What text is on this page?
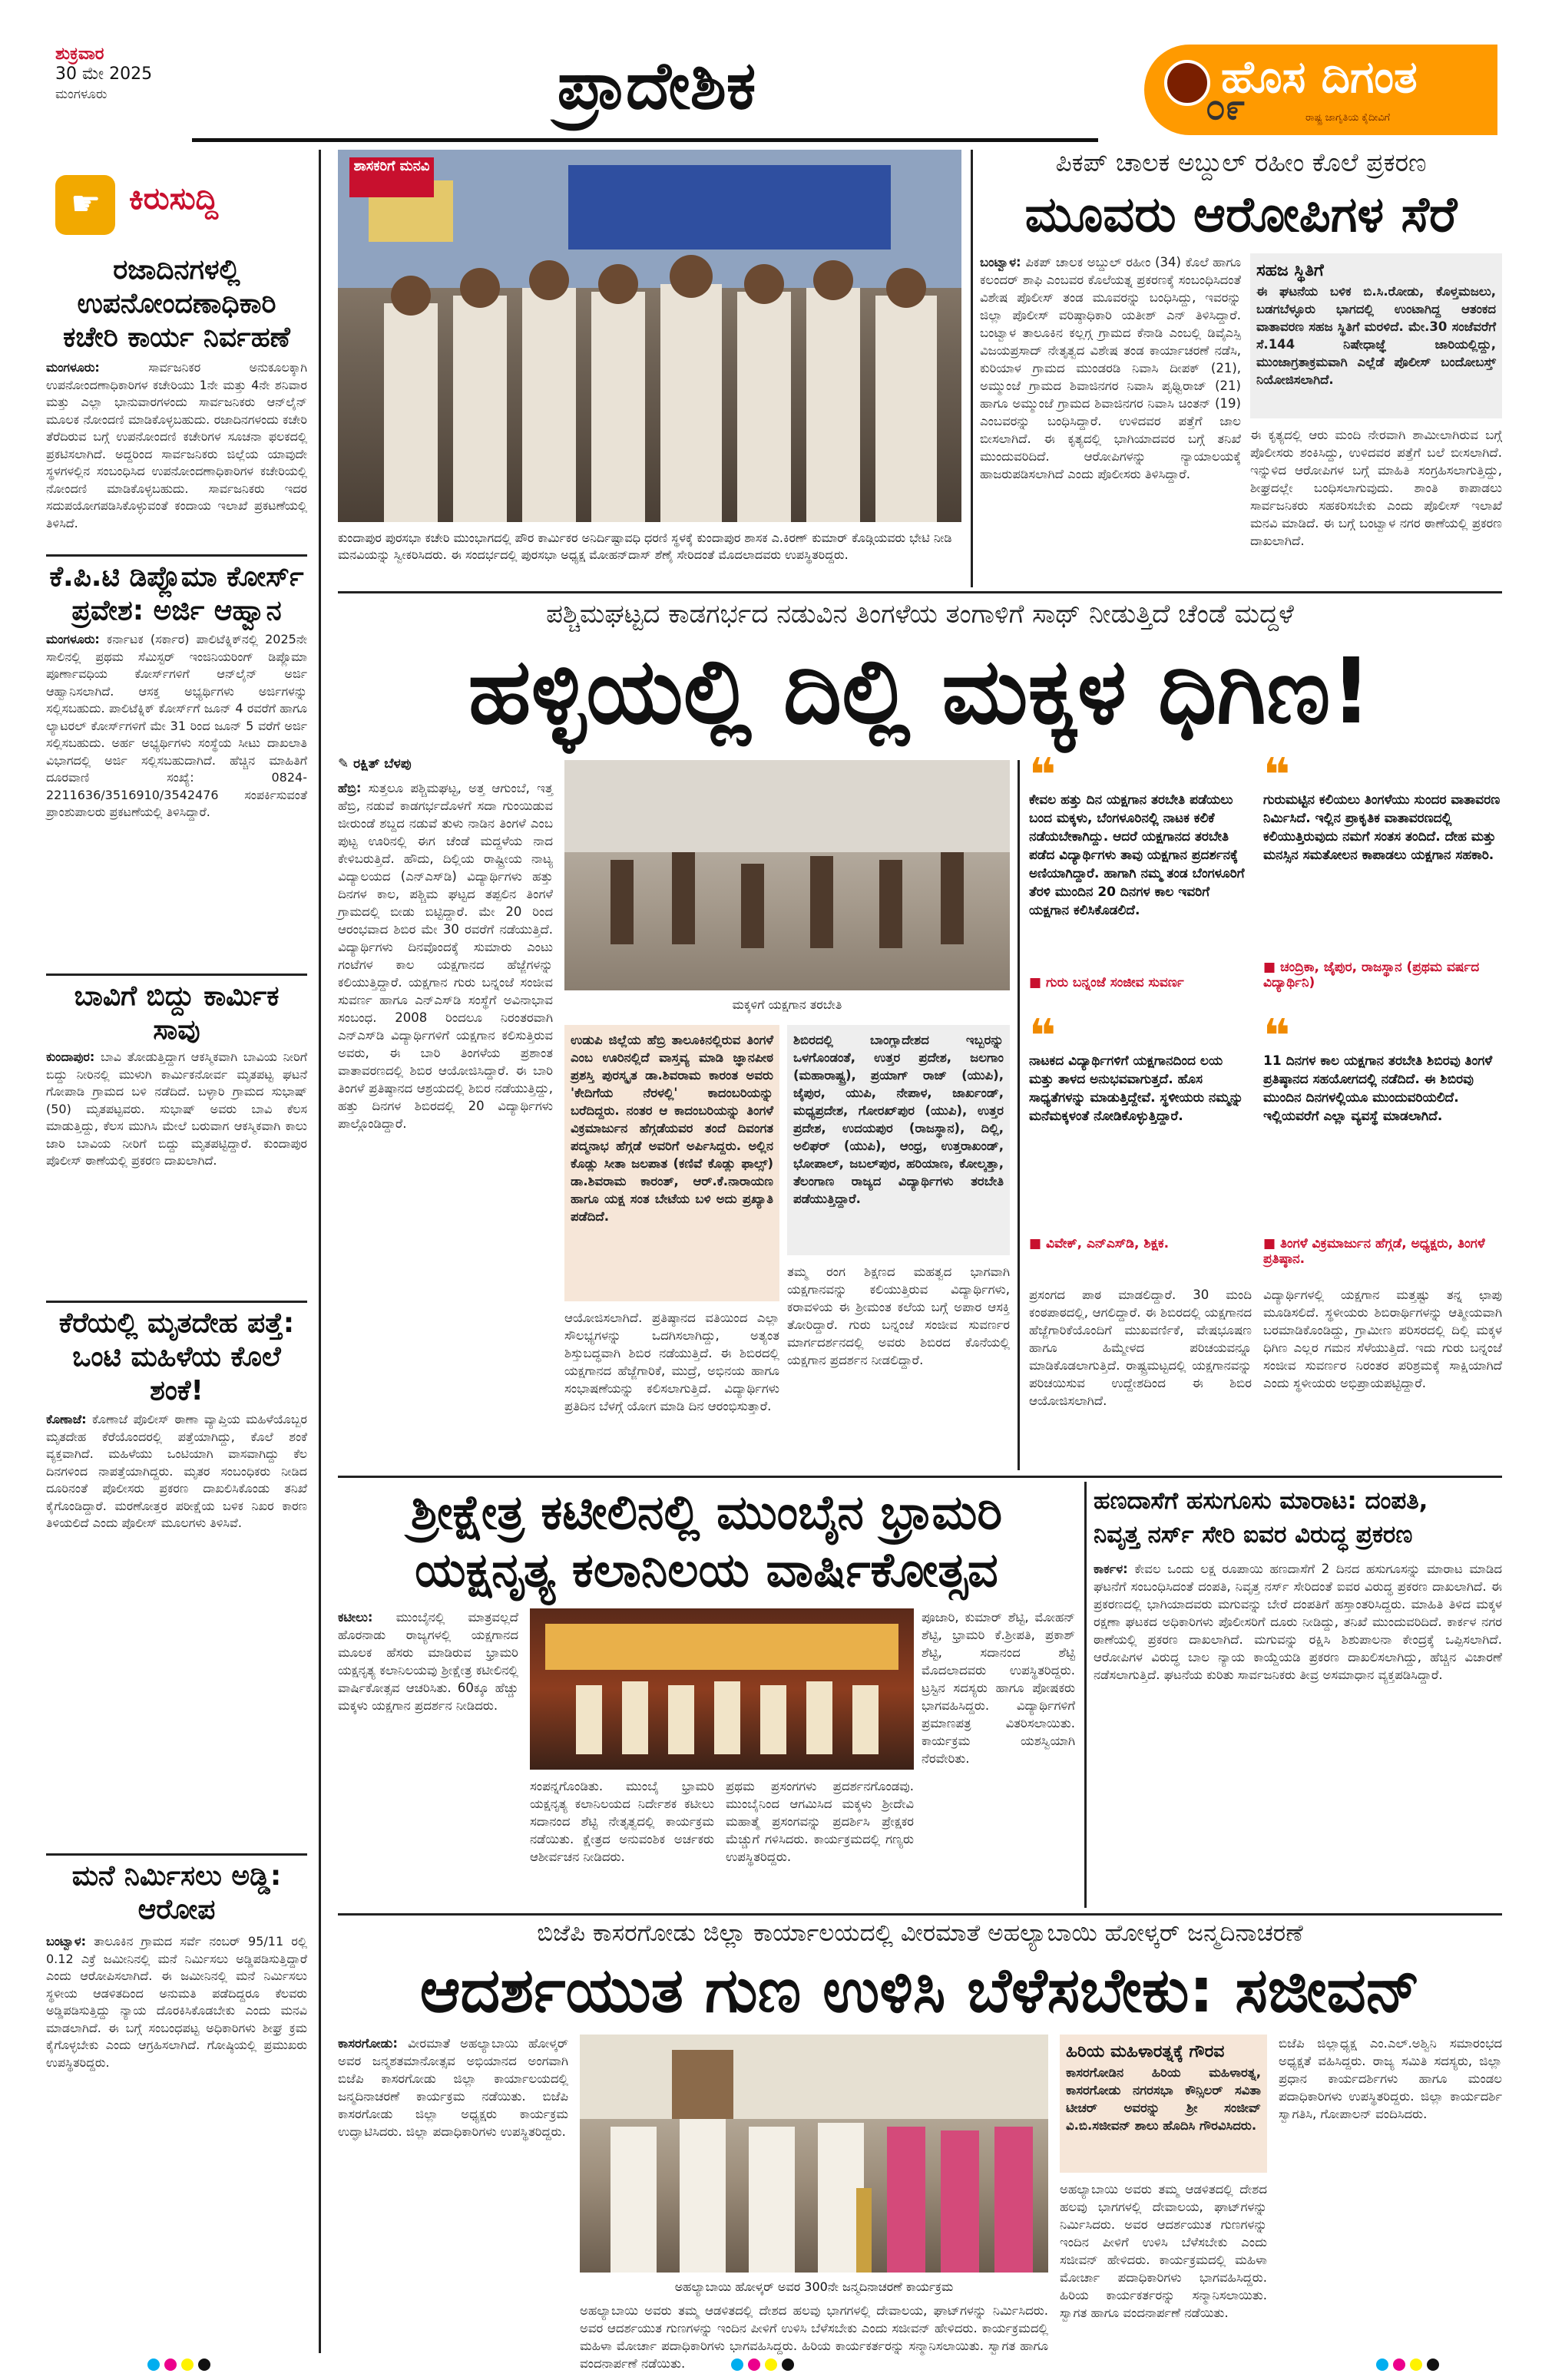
ಶುಕ್ರವಾರ
30 ಮೇ 2025
ಮಂಗಳೂರು	ಪ್ರಾದೇಶಿಕ	ಹೊಸ ದಿಗಂತ
ರಾಷ್ಟ್ರ ಜಾಗೃತಿಯ ಕೈದೀವಿಗೆ
೦೯
☛ ಕಿರುಸುದ್ದಿ
ರಜಾದಿನಗಳಲ್ಲಿ ಉಪನೋಂದಣಾಧಿಕಾರಿ ಕಚೇರಿ ಕಾರ್ಯ ನಿರ್ವಹಣೆ
ಮಂಗಳೂರು:	ಸಾರ್ವಜನಿಕರ ಅನುಕೂಲಕ್ಕಾಗಿ ಉಪನೋಂದಣಾಧಿಕಾರಿಗಳ ಕಚೇರಿಯು 1ನೇ ಮತ್ತು 4ನೇ ಶನಿವಾರ ಮತ್ತು ಎಲ್ಲಾ ಭಾನುವಾರಗಳಂದು ಸಾರ್ವಜನಿಕರು ಆನ್‌ಲೈನ್ ಮೂಲಕ ನೋಂದಣಿ ಮಾಡಿಕೊಳ್ಳಬಹುದು. ರಜಾದಿನಗಳಂದು ಕಚೇರಿ ತೆರೆದಿರುವ ಬಗ್ಗೆ ಉಪನೋಂದಣಿ ಕಚೇರಿಗಳ ಸೂಚನಾ ಫಲಕದಲ್ಲಿ ಪ್ರಕಟಿಸಲಾಗಿದೆ. ಅದ್ದರಿಂದ ಸಾರ್ವಜನಿಕರು ಜಿಲ್ಲೆಯ ಯಾವುದೇ ಸ್ಥಳಗಳಲ್ಲಿನ ಸಂಬಂಧಿಸಿದ ಉಪನೋಂದಣಾಧಿಕಾರಿಗಳ ಕಚೇರಿಯಲ್ಲಿ ನೋಂದಣಿ ಮಾಡಿಕೊಳ್ಳಬಹುದು. ಸಾರ್ವಜನಿಕರು ಇದರ ಸದುಪಯೋಗಪಡಿಸಿಕೊಳ್ಳುವಂತೆ ಕಂದಾಯ ಇಲಾಖೆ ಪ್ರಕಟಣೆಯಲ್ಲಿ ತಿಳಿಸಿದೆ.
ಕೆ.ಪಿ.ಟಿ ಡಿಪ್ಲೊಮಾ ಕೋರ್ಸ್ ಪ್ರವೇಶ: ಅರ್ಜಿ ಆಹ್ವಾನ
ಮಂಗಳೂರು: ಕರ್ನಾಟಕ (ಸರ್ಕಾರ) ಪಾಲಿಟೆಕ್ನಿಕ್‌ನಲ್ಲಿ 2025ನೇ ಸಾಲಿನಲ್ಲಿ ಪ್ರಥಮ ಸೆಮಿಸ್ಟರ್ ಇಂಜಿನಿಯರಿಂಗ್ ಡಿಪ್ಲೊಮಾ ಪೂರ್ಣಾವಧಿಯ ಕೋರ್ಸ್‌ಗಳಿಗೆ ಆನ್‌ಲೈನ್ ಅರ್ಜಿ ಆಹ್ವಾನಿಸಲಾಗಿದೆ. ಆಸಕ್ತ ಅಭ್ಯರ್ಥಿಗಳು ಅರ್ಜಿಗಳನ್ನು ಸಲ್ಲಿಸಬಹುದು. ಪಾಲಿಟೆಕ್ನಿಕ್ ಕೋರ್ಸ್‌ಗೆ ಜೂನ್ 4 ರವರೆಗೆ ಹಾಗೂ ಲ್ಯಾಟರಲ್ ಕೋರ್ಸ್‌ಗಳಿಗೆ ಮೇ 31 ರಿಂದ ಜೂನ್ 5 ವರೆಗೆ ಅರ್ಜಿ ಸಲ್ಲಿಸಬಹುದು. ಅರ್ಹ ಅಭ್ಯರ್ಥಿಗಳು ಸಂಸ್ಥೆಯ ಸೀಟು ದಾಖಲಾತಿ ವಿಭಾಗದಲ್ಲಿ ಅರ್ಜಿ ಸಲ್ಲಿಸಬಹುದಾಗಿದೆ. ಹೆಚ್ಚಿನ ಮಾಹಿತಿಗೆ ದೂರವಾಣಿ ಸಂಖ್ಯೆ: 0824-2211636/3516910/3542476 ಸಂಪರ್ಕಿಸುವಂತೆ ಪ್ರಾಂಶುಪಾಲರು ಪ್ರಕಟಣೆಯಲ್ಲಿ ತಿಳಿಸಿದ್ದಾರೆ.
ಬಾವಿಗೆ ಬಿದ್ದು ಕಾರ್ಮಿಕ ಸಾವು
ಕುಂದಾಪುರ: ಬಾವಿ ತೋಡುತ್ತಿದ್ದಾಗ ಆಕಸ್ಮಿಕವಾಗಿ ಬಾವಿಯ ನೀರಿಗೆ ಬಿದ್ದು ನೀರಿನಲ್ಲಿ ಮುಳುಗಿ ಕಾರ್ಮಿಕನೋರ್ವ ಮೃತಪಟ್ಟ ಘಟನೆ ಗೋಪಾಡಿ ಗ್ರಾಮದ ಬಳಿ ನಡೆದಿದೆ. ಬಳ್ಳಾರಿ ಗ್ರಾಮದ ಸುಭಾಷ್ (50) ಮೃತಪಟ್ಟವರು. ಸುಭಾಷ್ ಅವರು ಬಾವಿ ಕೆಲಸ ಮಾಡುತ್ತಿದ್ದು, ಕೆಲಸ ಮುಗಿಸಿ ಮೇಲೆ ಬರುವಾಗ ಆಕಸ್ಮಿಕವಾಗಿ ಕಾಲು ಜಾರಿ ಬಾವಿಯ ನೀರಿಗೆ ಬಿದ್ದು ಮೃತಪಟ್ಟಿದ್ದಾರೆ. ಕುಂದಾಪುರ ಪೊಲೀಸ್ ಠಾಣೆಯಲ್ಲಿ ಪ್ರಕರಣ ದಾಖಲಾಗಿದೆ.
ಕೆರೆಯಲ್ಲಿ ಮೃತದೇಹ ಪತ್ತೆ: ಒಂಟಿ ಮಹಿಳೆಯ ಕೊಲೆ ಶಂಕೆ!
ಕೊಣಾಜೆ: ಕೊಣಾಜೆ ಪೊಲೀಸ್ ಠಾಣಾ ವ್ಯಾಪ್ತಿಯ ಮಹಿಳೆಯೊಬ್ಬರ ಮೃತದೇಹ ಕೆರೆಯೊಂದರಲ್ಲಿ ಪತ್ತೆಯಾಗಿದ್ದು, ಕೊಲೆ ಶಂಕೆ ವ್ಯಕ್ತವಾಗಿದೆ. ಮಹಿಳೆಯು ಒಂಟಿಯಾಗಿ ವಾಸವಾಗಿದ್ದು ಕೆಲ ದಿನಗಳಿಂದ ನಾಪತ್ತೆಯಾಗಿದ್ದರು. ಮೃತರ ಸಂಬಂಧಿಕರು ನೀಡಿದ ದೂರಿನಂತೆ ಪೊಲೀಸರು ಪ್ರಕರಣ ದಾಖಲಿಸಿಕೊಂಡು ತನಿಖೆ ಕೈಗೊಂಡಿದ್ದಾರೆ. ಮರಣೋತ್ತರ ಪರೀಕ್ಷೆಯ ಬಳಿಕ ನಿಖರ ಕಾರಣ ತಿಳಿಯಲಿದೆ ಎಂದು ಪೊಲೀಸ್ ಮೂಲಗಳು ತಿಳಿಸಿವೆ.
ಮನೆ ನಿರ್ಮಿಸಲು ಅಡ್ಡಿ: ಆರೋಪ
ಬಂಟ್ವಾಳ: ತಾಲೂಕಿನ ಗ್ರಾಮದ ಸರ್ವೆ ನಂಬರ್ 95/11 ರಲ್ಲಿ 0.12 ಎಕ್ರೆ ಜಮೀನಿನಲ್ಲಿ ಮನೆ ನಿರ್ಮಿಸಲು ಅಡ್ಡಿಪಡಿಸುತ್ತಿದ್ದಾರೆ ಎಂದು ಆರೋಪಿಸಲಾಗಿದೆ. ಈ ಜಮೀನಿನಲ್ಲಿ ಮನೆ ನಿರ್ಮಿಸಲು ಸ್ಥಳೀಯ ಆಡಳಿತದಿಂದ ಅನುಮತಿ ಪಡೆದಿದ್ದರೂ ಕೆಲವರು ಅಡ್ಡಿಪಡಿಸುತ್ತಿದ್ದು ನ್ಯಾಯ ದೊರಕಿಸಿಕೊಡಬೇಕು ಎಂದು ಮನವಿ ಮಾಡಲಾಗಿದೆ. ಈ ಬಗ್ಗೆ ಸಂಬಂಧಪಟ್ಟ ಅಧಿಕಾರಿಗಳು ಶೀಘ್ರ ಕ್ರಮ ಕೈಗೊಳ್ಳಬೇಕು ಎಂದು ಆಗ್ರಹಿಸಲಾಗಿದೆ. ಗೋಷ್ಠಿಯಲ್ಲಿ ಪ್ರಮುಖರು ಉಪಸ್ಥಿತರಿದ್ದರು.
ಶಾಸಕರಿಗೆ ಮನವಿ
ಕುಂದಾಪುರ ಪುರಸಭಾ ಕಚೇರಿ ಮುಂಭಾಗದಲ್ಲಿ ಪೌರ ಕಾರ್ಮಿಕರ ಅನಿರ್ದಿಷ್ಟಾವಧಿ ಧರಣಿ ಸ್ಥಳಕ್ಕೆ ಕುಂದಾಪುರ ಶಾಸಕ ಎ.ಕಿರಣ್ ಕುಮಾರ್ ಕೊಡ್ಗಿಯವರು ಭೇಟಿ ನೀಡಿ ಮನವಿಯನ್ನು ಸ್ವೀಕರಿಸಿದರು. ಈ ಸಂದರ್ಭದಲ್ಲಿ ಪುರಸಭಾ ಅಧ್ಯಕ್ಷ ಮೋಹನ್‌ದಾಸ್ ಶೆಣೈ ಸೇರಿದಂತೆ ಮೊದಲಾದವರು ಉಪಸ್ಥಿತರಿದ್ದರು.
ಪಿಕಪ್ ಚಾಲಕ ಅಬ್ದುಲ್ ರಹೀಂ ಕೊಲೆ ಪ್ರಕರಣ
ಮೂವರು ಆರೋಪಿಗಳ ಸೆರೆ
ಬಂಟ್ವಾಳ: ಪಿಕಪ್ ಚಾಲಕ ಅಬ್ದುಲ್ ರಹೀಂ (34) ಕೊಲೆ ಹಾಗೂ ಕಲಂದರ್ ಶಾಫಿ ಎಂಬವರ ಕೊಲೆಯತ್ನ ಪ್ರಕರಣಕ್ಕೆ ಸಂಬಂಧಿಸಿದಂತೆ ವಿಶೇಷ ಪೊಲೀಸ್ ತಂಡ ಮೂವರನ್ನು ಬಂಧಿಸಿದ್ದು, ಇವರನ್ನು ಜಿಲ್ಲಾ ಪೊಲೀಸ್ ವರಿಷ್ಠಾಧಿಕಾರಿ ಯತೀಶ್ ಎನ್ ತಿಳಿಸಿದ್ದಾರೆ. ಬಂಟ್ವಾಳ ತಾಲೂಕಿನ ಕಲ್ಲಗ್ಗ ಗ್ರಾಮದ ಕೆನಾಡಿ ಎಂಬಲ್ಲಿ ಡಿವೈಎಸ್ಪಿ ವಿಜಯಪ್ರಸಾದ್ ನೇತೃತ್ವದ ವಿಶೇಷ ತಂಡ ಕಾರ್ಯಾಚರಣೆ ನಡೆಸಿ, ಕುರಿಯಾಳ ಗ್ರಾಮದ ಮುಂಡರಡಿ ನಿವಾಸಿ ದೀಪಕ್ (21), ಅಮ್ಮುಂಜೆ ಗ್ರಾಮದ ಶಿವಾಜಿನಗರ ನಿವಾಸಿ ಪೃಥ್ವಿರಾಜ್ (21) ಹಾಗೂ ಅಮ್ಮುಂಜೆ ಗ್ರಾಮದ ಶಿವಾಜಿನಗರ ನಿವಾಸಿ ಚಿಂತನ್ (19) ಎಂಬವರನ್ನು ಬಂಧಿಸಿದ್ದಾರೆ. ಉಳಿದವರ ಪತ್ತೆಗೆ ಜಾಲ ಬೀಸಲಾಗಿದೆ. ಈ ಕೃತ್ಯದಲ್ಲಿ ಭಾಗಿಯಾದವರ ಬಗ್ಗೆ ತನಿಖೆ ಮುಂದುವರಿದಿದೆ. ಆರೋಪಿಗಳನ್ನು ನ್ಯಾಯಾಲಯಕ್ಕೆ ಹಾಜರುಪಡಿಸಲಾಗಿದೆ ಎಂದು ಪೊಲೀಸರು ತಿಳಿಸಿದ್ದಾರೆ.
ಸಹಜ ಸ್ಥಿತಿಗೆ
ಈ ಘಟನೆಯ ಬಳಿಕ ಬಿ.ಸಿ.ರೋಡು, ಕೊಳ್ತಮಜಲು, ಬಡಗಬೆಳ್ಳೂರು ಭಾಗದಲ್ಲಿ ಉಂಟಾಗಿದ್ದ ಆತಂಕದ ವಾತಾವರಣ ಸಹಜ ಸ್ಥಿತಿಗೆ ಮರಳಿದೆ. ಮೇ.30 ಸಂಜೆವರೆಗೆ ಸೆ.144 ನಿಷೇಧಾಜ್ಞೆ ಜಾರಿಯಲ್ಲಿದ್ದು, ಮುಂಜಾಗ್ರತಾಕ್ರಮವಾಗಿ ಎಲ್ಲೆಡೆ ಪೊಲೀಸ್ ಬಂದೋಬಸ್ತ್ ನಿಯೋಜಿಸಲಾಗಿದೆ.
ಈ ಕೃತ್ಯದಲ್ಲಿ ಆರು ಮಂದಿ ನೇರವಾಗಿ ಶಾಮೀಲಾಗಿರುವ ಬಗ್ಗೆ ಪೊಲೀಸರು ಶಂಕಿಸಿದ್ದು, ಉಳಿದವರ ಪತ್ತೆಗೆ ಬಲೆ ಬೀಸಲಾಗಿದೆ. ಇನ್ನುಳಿದ ಆರೋಪಿಗಳ ಬಗ್ಗೆ ಮಾಹಿತಿ ಸಂಗ್ರಹಿಸಲಾಗುತ್ತಿದ್ದು, ಶೀಘ್ರದಲ್ಲೇ ಬಂಧಿಸಲಾಗುವುದು. ಶಾಂತಿ ಕಾಪಾಡಲು ಸಾರ್ವಜನಿಕರು ಸಹಕರಿಸಬೇಕು ಎಂದು ಪೊಲೀಸ್ ಇಲಾಖೆ ಮನವಿ ಮಾಡಿದೆ. ಈ ಬಗ್ಗೆ ಬಂಟ್ವಾಳ ನಗರ ಠಾಣೆಯಲ್ಲಿ ಪ್ರಕರಣ ದಾಖಲಾಗಿದೆ.
ಪಶ್ಚಿಮಘಟ್ಟದ ಕಾಡಗರ್ಭದ ನಡುವಿನ ತಿಂಗಳೆಯ ತಂಗಾಳಿಗೆ ಸಾಥ್ ನೀಡುತ್ತಿದೆ ಚೆಂಡೆ ಮದ್ದಳೆ
ಹಳ್ಳಿಯಲ್ಲಿ ದಿಲ್ಲಿ ಮಕ್ಕಳ ಧಿಗಿಣ!
✎ ರಕ್ಷಿತ್ ಬೆಳಪು
ಹೆಬ್ರಿ: ಸುತ್ತಲೂ ಪಶ್ಚಿಮಘಟ್ಟ, ಅತ್ತ ಆಗುಂಬೆ, ಇತ್ತ ಹೆಬ್ರಿ, ನಡುವೆ ಕಾಡಗರ್ಭದೊಳಗೆ ಸದಾ ಗುಂಯಿಡುವ ಜೀರುಂಡೆ ಶಬ್ದದ ನಡುವೆ ತುಳು ನಾಡಿನ ತಿಂಗಳೆ ಎಂಬ ಪುಟ್ಟ ಊರಿನಲ್ಲಿ ಈಗ ಚೆಂಡೆ ಮದ್ದಳೆಯ ನಾದ ಕೇಳಿಬರುತ್ತಿದೆ. ಹೌದು, ದಿಲ್ಲಿಯ ರಾಷ್ಟ್ರೀಯ ನಾಟ್ಯ ವಿದ್ಯಾಲಯದ (ಎನ್‌ಎಸ್‌ಡಿ) ವಿದ್ಯಾರ್ಥಿಗಳು ಹತ್ತು ದಿನಗಳ ಕಾಲ, ಪಶ್ಚಿಮ ಘಟ್ಟದ ತಪ್ಪಲಿನ ತಿಂಗಳೆ ಗ್ರಾಮದಲ್ಲಿ ಬೀಡು ಬಿಟ್ಟಿದ್ದಾರೆ. ಮೇ 20 ರಿಂದ ಆರಂಭವಾದ ಶಿಬಿರ ಮೇ 30 ರವರೆಗೆ ನಡೆಯುತ್ತಿದೆ. ವಿದ್ಯಾರ್ಥಿಗಳು ದಿನವೊಂದಕ್ಕೆ ಸುಮಾರು ಎಂಟು ಗಂಟೆಗಳ ಕಾಲ ಯಕ್ಷಗಾನದ ಹೆಜ್ಜೆಗಳನ್ನು ಕಲಿಯುತ್ತಿದ್ದಾರೆ. ಯಕ್ಷಗಾನ ಗುರು ಬನ್ನಂಜೆ ಸಂಜೀವ ಸುವರ್ಣ ಹಾಗೂ ಎನ್‌ಎಸ್‌ಡಿ ಸಂಸ್ಥೆಗೆ ಅವಿನಾಭಾವ ಸಂಬಂಧ. 2008 ರಿಂದಲೂ ನಿರಂತರವಾಗಿ ಎನ್‌ಎಸ್‌ಡಿ ವಿದ್ಯಾರ್ಥಿಗಳಿಗೆ ಯಕ್ಷಗಾನ ಕಲಿಸುತ್ತಿರುವ ಅವರು, ಈ ಬಾರಿ ತಿಂಗಳೆಯ ಪ್ರಶಾಂತ ವಾತಾವರಣದಲ್ಲಿ ಶಿಬಿರ ಆಯೋಜಿಸಿದ್ದಾರೆ. ಈ ಬಾರಿ ತಿಂಗಳೆ ಪ್ರತಿಷ್ಠಾನದ ಆಶ್ರಯದಲ್ಲಿ ಶಿಬಿರ ನಡೆಯುತ್ತಿದ್ದು, ಹತ್ತು ದಿನಗಳ ಶಿಬಿರದಲ್ಲಿ 20 ವಿದ್ಯಾರ್ಥಿಗಳು ಪಾಲ್ಗೊಂಡಿದ್ದಾರೆ.
ಮಕ್ಕಳಿಗೆ ಯಕ್ಷಗಾನ ತರಬೇತಿ
ಉಡುಪಿ ಜಿಲ್ಲೆಯ ಹೆಬ್ರಿ ತಾಲೂಕಿನಲ್ಲಿರುವ ತಿಂಗಳೆ ಎಂಬ ಊರಿನಲ್ಲಿದೆ ವಾಸ್ತವ್ಯ ಮಾಡಿ ಜ್ಞಾನಪೀಠ ಪ್ರಶಸ್ತಿ ಪುರಸ್ಕೃತ ಡಾ.ಶಿವರಾಮ ಕಾರಂತ ಅವರು 'ಕೇದಿಗೆಯ ನೆರಳಲ್ಲಿ' ಕಾದಂಬರಿಯನ್ನು ಬರೆದಿದ್ದರು. ನಂತರ ಆ ಕಾದಂಬರಿಯನ್ನು ತಿಂಗಳೆ ವಿಕ್ರಮಾರ್ಜುನ ಹೆಗ್ಗಡೆಯವರ ತಂದೆ ದಿವಂಗತ ಪದ್ಮನಾಭ ಹೆಗ್ಗಡೆ ಅವರಿಗೆ ಅರ್ಪಿಸಿದ್ದರು. ಅಲ್ಲಿನ ಕೊಡ್ಲು ಸೀತಾ ಜಲಪಾತ (ಕಣಿವೆ ಕೊಡ್ಲು ಫಾಲ್ಸ್) ಡಾ.ಶಿವರಾಮ ಕಾರಂತ್, ಆರ್.ಕೆ.ನಾರಾಯಣ ಹಾಗೂ ಯಕ್ಷ ಸಂತ ಬೇಟೆಯ ಬಳಿ ಅದು ಪ್ರಖ್ಯಾತಿ ಪಡೆದಿದೆ.
ಶಿಬಿರದಲ್ಲಿ ಬಾಂಗ್ಲಾದೇಶದ ಇಬ್ಬರನ್ನು ಒಳಗೊಂಡಂತೆ, ಉತ್ತರ ಪ್ರದೇಶ, ಜಲಗಾಂ (ಮಹಾರಾಷ್ಟ್ರ), ಪ್ರಯಾಗ್ ರಾಜ್ (ಯುಪಿ), ಜೈಪುರ, ಯುಪಿ, ನೇಪಾಳ, ಜಾರ್ಖಂಡ್, ಮಧ್ಯಪ್ರದೇಶ, ಗೋರಖ್‌ಪುರ (ಯುಪಿ), ಉತ್ತರ ಪ್ರದೇಶ, ಉದಯಪುರ (ರಾಜಸ್ಥಾನ), ದಿಲ್ಲಿ, ಅಲಿಘರ್ (ಯುಪಿ), ಆಂಧ್ರ, ಉತ್ತರಾಖಂಡ್, ಭೋಪಾಲ್, ಜಬಲ್‌ಪುರ, ಹರಿಯಾಣ, ಕೋಲ್ಕತ್ತಾ, ತೆಲಂಗಾಣ ರಾಜ್ಯದ ವಿದ್ಯಾರ್ಥಿಗಳು ತರಬೇತಿ ಪಡೆಯುತ್ತಿದ್ದಾರೆ.
ಆಯೋಜಿಸಲಾಗಿದೆ. ಪ್ರತಿಷ್ಠಾನದ ವತಿಯಿಂದ ಎಲ್ಲಾ ಸೌಲಭ್ಯಗಳನ್ನು ಒದಗಿಸಲಾಗಿದ್ದು, ಅತ್ಯಂತ ಶಿಸ್ತುಬದ್ಧವಾಗಿ ಶಿಬಿರ ನಡೆಯುತ್ತಿದೆ. ಈ ಶಿಬಿರದಲ್ಲಿ ಯಕ್ಷಗಾನದ ಹೆಜ್ಜೆಗಾರಿಕೆ, ಮುದ್ರೆ, ಅಭಿನಯ ಹಾಗೂ ಸಂಭಾಷಣೆಯನ್ನು ಕಲಿಸಲಾಗುತ್ತಿದೆ. ವಿದ್ಯಾರ್ಥಿಗಳು ಪ್ರತಿದಿನ ಬೆಳಗ್ಗೆ ಯೋಗ ಮಾಡಿ ದಿನ ಆರಂಭಿಸುತ್ತಾರೆ.
ತಮ್ಮ ರಂಗ ಶಿಕ್ಷಣದ ಮಹತ್ವದ ಭಾಗವಾಗಿ ಯಕ್ಷಗಾನವನ್ನು ಕಲಿಯುತ್ತಿರುವ ವಿದ್ಯಾರ್ಥಿಗಳು, ಕರಾವಳಿಯ ಈ ಶ್ರೀಮಂತ ಕಲೆಯ ಬಗ್ಗೆ ಅಪಾರ ಆಸಕ್ತಿ ತೋರಿದ್ದಾರೆ. ಗುರು ಬನ್ನಂಜೆ ಸಂಜೀವ ಸುವರ್ಣರ ಮಾರ್ಗದರ್ಶನದಲ್ಲಿ ಅವರು ಶಿಬಿರದ ಕೊನೆಯಲ್ಲಿ ಯಕ್ಷಗಾನ ಪ್ರದರ್ಶನ ನೀಡಲಿದ್ದಾರೆ.
❝
ಕೇವಲ ಹತ್ತು ದಿನ ಯಕ್ಷಗಾನ ತರಬೇತಿ ಪಡೆಯಲು ಬಂದ ಮಕ್ಕಳು, ಬೆಂಗಳೂರಿನಲ್ಲಿ ನಾಟಕ ಕಲಿಕೆ ನಡೆಯಬೇಕಾಗಿದ್ದು. ಆದರೆ ಯಕ್ಷಗಾನದ ತರಬೇತಿ ಪಡೆದ ವಿದ್ಯಾರ್ಥಿಗಳು ತಾವು ಯಕ್ಷಗಾನ ಪ್ರದರ್ಶನಕ್ಕೆ ಅಣಿಯಾಗಿದ್ದಾರೆ. ಹಾಗಾಗಿ ನಮ್ಮ ತಂಡ ಬೆಂಗಳೂರಿಗೆ ತೆರಳಿ ಮುಂದಿನ 20 ದಿನಗಳ ಕಾಲ ಇವರಿಗೆ ಯಕ್ಷಗಾನ ಕಲಿಸಿಕೊಡಲಿದೆ.
■ ಗುರು ಬನ್ನಂಜೆ ಸಂಜೀವ ಸುವರ್ಣ
❝
ಗುರುಮಟ್ಟಿನ ಕಲಿಯಲು ತಿಂಗಳೆಯು ಸುಂದರ ವಾತಾವರಣ ನಿರ್ಮಿಸಿದೆ. ಇಲ್ಲಿನ ಪ್ರಾಕೃತಿಕ ವಾತಾವರಣದಲ್ಲಿ ಕಲಿಯುತ್ತಿರುವುದು ನಮಗೆ ಸಂತಸ ತಂದಿದೆ. ದೇಹ ಮತ್ತು ಮನಸ್ಸಿನ ಸಮತೋಲನ ಕಾಪಾಡಲು ಯಕ್ಷಗಾನ ಸಹಕಾರಿ.
■ ಚಂದ್ರಿಕಾ, ಜೈಪುರ, ರಾಜಸ್ಥಾನ (ಪ್ರಥಮ ವರ್ಷದ ವಿದ್ಯಾರ್ಥಿನಿ)
❝
ನಾಟಕದ ವಿದ್ಯಾರ್ಥಿಗಳಿಗೆ ಯಕ್ಷಗಾನದಿಂದ ಲಯ ಮತ್ತು ತಾಳದ ಅನುಭವವಾಗುತ್ತದೆ. ಹೊಸ ಸಾಧ್ಯತೆಗಳನ್ನು ಮಾಡುತ್ತಿದ್ದೇವೆ. ಸ್ಥಳೀಯರು ನಮ್ಮನ್ನು ಮನೆಮಕ್ಕಳಂತೆ ನೋಡಿಕೊಳ್ಳುತ್ತಿದ್ದಾರೆ.
■ ವಿವೇಕ್, ಎನ್‌ಎಸ್‌ಡಿ, ಶಿಕ್ಷಕ.
❝
11 ದಿನಗಳ ಕಾಲ ಯಕ್ಷಗಾನ ತರಬೇತಿ ಶಿಬಿರವು ತಿಂಗಳೆ ಪ್ರತಿಷ್ಠಾನದ ಸಹಯೋಗದಲ್ಲಿ ನಡೆದಿದೆ. ಈ ಶಿಬಿರವು ಮುಂದಿನ ದಿನಗಳಲ್ಲಿಯೂ ಮುಂದುವರಿಯಲಿದೆ. ಇಲ್ಲಿಯವರೆಗೆ ಎಲ್ಲಾ ವ್ಯವಸ್ಥೆ ಮಾಡಲಾಗಿದೆ.
■ ತಿಂಗಳೆ ವಿಕ್ರಮಾರ್ಜುನ ಹೆಗ್ಗಡೆ, ಅಧ್ಯಕ್ಷರು, ತಿಂಗಳೆ ಪ್ರತಿಷ್ಠಾನ.
ಪ್ರಸಂಗದ ಪಾಠ ಮಾಡಲಿದ್ದಾರೆ. 30 ಮಂದಿ ಕಂಠಪಾಠದಲ್ಲಿ, ಆಗಲಿದ್ದಾರೆ. ಈ ಶಿಬಿರದಲ್ಲಿ ಯಕ್ಷಗಾನದ ಹೆಜ್ಜೆಗಾರಿಕೆಯೊಂದಿಗೆ ಮುಖವರ್ಣಿಕೆ, ವೇಷಭೂಷಣ ಹಾಗೂ ಹಿಮ್ಮೇಳದ ಪರಿಚಯವನ್ನೂ ಮಾಡಿಕೊಡಲಾಗುತ್ತಿದೆ. ರಾಷ್ಟ್ರಮಟ್ಟದಲ್ಲಿ ಯಕ್ಷಗಾನವನ್ನು ಪರಿಚಯಿಸುವ ಉದ್ದೇಶದಿಂದ ಈ ಶಿಬಿರ ಆಯೋಜಿಸಲಾಗಿದೆ.
ವಿದ್ಯಾರ್ಥಿಗಳಲ್ಲಿ ಯಕ್ಷಗಾನ ಮತ್ತಷ್ಟು ತನ್ನ ಛಾಪು ಮೂಡಿಸಲಿದೆ. ಸ್ಥಳೀಯರು ಶಿಬಿರಾರ್ಥಿಗಳನ್ನು ಆತ್ಮೀಯವಾಗಿ ಬರಮಾಡಿಕೊಂಡಿದ್ದು, ಗ್ರಾಮೀಣ ಪರಿಸರದಲ್ಲಿ ದಿಲ್ಲಿ ಮಕ್ಕಳ ಧಿಗಿಣ ಎಲ್ಲರ ಗಮನ ಸೆಳೆಯುತ್ತಿದೆ. ಇದು ಗುರು ಬನ್ನಂಜೆ ಸಂಜೀವ ಸುವರ್ಣರ ನಿರಂತರ ಪರಿಶ್ರಮಕ್ಕೆ ಸಾಕ್ಷಿಯಾಗಿದೆ ಎಂದು ಸ್ಥಳೀಯರು ಅಭಿಪ್ರಾಯಪಟ್ಟಿದ್ದಾರೆ.
ಶ್ರೀಕ್ಷೇತ್ರ ಕಟೀಲಿನಲ್ಲಿ ಮುಂಬೈನ ಭ್ರಾಮರಿ
ಯಕ್ಷನೃತ್ಯ ಕಲಾನಿಲಯ ವಾರ್ಷಿಕೋತ್ಸವ
ಕಟೀಲು: ಮುಂಬೈನಲ್ಲಿ ಮಾತ್ರವಲ್ಲದೆ ಹೊರನಾಡು ರಾಜ್ಯಗಳಲ್ಲಿ ಯಕ್ಷಗಾನದ ಮೂಲಕ ಹೆಸರು ಮಾಡಿರುವ ಭ್ರಾಮರಿ ಯಕ್ಷನೃತ್ಯ ಕಲಾನಿಲಯವು ಶ್ರೀಕ್ಷೇತ್ರ ಕಟೀಲಿನಲ್ಲಿ ವಾರ್ಷಿಕೋತ್ಸವ ಆಚರಿಸಿತು. 60ಕ್ಕೂ ಹೆಚ್ಚು ಮಕ್ಕಳು ಯಕ್ಷಗಾನ ಪ್ರದರ್ಶನ ನೀಡಿದರು.
ಸಂಪನ್ನಗೊಂಡಿತು. ಮುಂಬೈ ಭ್ರಾಮರಿ ಯಕ್ಷನೃತ್ಯ ಕಲಾನಿಲಯದ ನಿರ್ದೇಶಕ ಕಟೀಲು ಸದಾನಂದ ಶೆಟ್ಟಿ ನೇತೃತ್ವದಲ್ಲಿ ಕಾರ್ಯಕ್ರಮ ನಡೆಯಿತು. ಕ್ಷೇತ್ರದ ಅನುವಂಶಿಕ ಅರ್ಚಕರು ಆಶೀರ್ವಚನ ನೀಡಿದರು.
ಪ್ರಥಮ ಪ್ರಸಂಗಗಳು ಪ್ರದರ್ಶನಗೊಂಡವು. ಮುಂಬೈನಿಂದ ಆಗಮಿಸಿದ ಮಕ್ಕಳು ಶ್ರೀದೇವಿ ಮಹಾತ್ಮೆ ಪ್ರಸಂಗವನ್ನು ಪ್ರದರ್ಶಿಸಿ ಪ್ರೇಕ್ಷಕರ ಮೆಚ್ಚುಗೆ ಗಳಿಸಿದರು. ಕಾರ್ಯಕ್ರಮದಲ್ಲಿ ಗಣ್ಯರು ಉಪಸ್ಥಿತರಿದ್ದರು.
ಪೂಜಾರಿ, ಕುಮಾರ್ ಶೆಟ್ಟಿ, ಮೋಹನ್ ಶೆಟ್ಟಿ, ಭ್ರಾಮರಿ ಕೆ.ಶ್ರೀಪತಿ, ಪ್ರಕಾಶ್ ಶೆಟ್ಟಿ, ಸದಾನಂದ ಶೆಟ್ಟಿ ಮೊದಲಾದವರು ಉಪಸ್ಥಿತರಿದ್ದರು. ಟ್ರಸ್ಟಿನ ಸದಸ್ಯರು ಹಾಗೂ ಪೋಷಕರು ಭಾಗವಹಿಸಿದ್ದರು. ವಿದ್ಯಾರ್ಥಿಗಳಿಗೆ ಪ್ರಮಾಣಪತ್ರ ವಿತರಿಸಲಾಯಿತು. ಕಾರ್ಯಕ್ರಮ ಯಶಸ್ವಿಯಾಗಿ ನೆರವೇರಿತು.
ಹಣದಾಸೆಗೆ ಹಸುಗೂಸು ಮಾರಾಟ: ದಂಪತಿ,
ನಿವೃತ್ತ ನರ್ಸ್ ಸೇರಿ ಐವರ ವಿರುದ್ಧ ಪ್ರಕರಣ
ಕಾರ್ಕಳ: ಕೇವಲ ಒಂದು ಲಕ್ಷ ರೂಪಾಯಿ ಹಣದಾಸೆಗೆ 2 ದಿನದ ಹಸುಗೂಸನ್ನು ಮಾರಾಟ ಮಾಡಿದ ಘಟನೆಗೆ ಸಂಬಂಧಿಸಿದಂತೆ ದಂಪತಿ, ನಿವೃತ್ತ ನರ್ಸ್ ಸೇರಿದಂತೆ ಐವರ ವಿರುದ್ಧ ಪ್ರಕರಣ ದಾಖಲಾಗಿದೆ. ಈ ಪ್ರಕರಣದಲ್ಲಿ ಭಾಗಿಯಾದವರು ಮಗುವನ್ನು ಬೇರೆ ದಂಪತಿಗೆ ಹಸ್ತಾಂತರಿಸಿದ್ದರು. ಮಾಹಿತಿ ತಿಳಿದ ಮಕ್ಕಳ ರಕ್ಷಣಾ ಘಟಕದ ಅಧಿಕಾರಿಗಳು ಪೊಲೀಸರಿಗೆ ದೂರು ನೀಡಿದ್ದು, ತನಿಖೆ ಮುಂದುವರಿದಿದೆ. ಕಾರ್ಕಳ ನಗರ ಠಾಣೆಯಲ್ಲಿ ಪ್ರಕರಣ ದಾಖಲಾಗಿದೆ. ಮಗುವನ್ನು ರಕ್ಷಿಸಿ ಶಿಶುಪಾಲನಾ ಕೇಂದ್ರಕ್ಕೆ ಒಪ್ಪಿಸಲಾಗಿದೆ. ಆರೋಪಿಗಳ ವಿರುದ್ಧ ಬಾಲ ನ್ಯಾಯ ಕಾಯ್ದೆಯಡಿ ಪ್ರಕರಣ ದಾಖಲಿಸಲಾಗಿದ್ದು, ಹೆಚ್ಚಿನ ವಿಚಾರಣೆ ನಡೆಸಲಾಗುತ್ತಿದೆ. ಘಟನೆಯ ಕುರಿತು ಸಾರ್ವಜನಿಕರು ತೀವ್ರ ಅಸಮಾಧಾನ ವ್ಯಕ್ತಪಡಿಸಿದ್ದಾರೆ.
ಬಿಜೆಪಿ ಕಾಸರಗೋಡು ಜಿಲ್ಲಾ ಕಾರ್ಯಾಲಯದಲ್ಲಿ ವೀರಮಾತೆ ಅಹಲ್ಯಾಬಾಯಿ ಹೋಳ್ಕರ್ ಜನ್ಮದಿನಾಚರಣೆ
ಆದರ್ಶಯುತ ಗುಣ ಉಳಿಸಿ ಬೆಳೆಸಬೇಕು: ಸಜೀವನ್
ಕಾಸರಗೋಡು: ವೀರಮಾತೆ ಅಹಲ್ಯಾಬಾಯಿ ಹೋಳ್ಕರ್ ಅವರ ಜನ್ಮಶತಮಾನೋತ್ಸವ ಅಭಿಯಾನದ ಅಂಗವಾಗಿ ಬಿಜೆಪಿ ಕಾಸರಗೋಡು ಜಿಲ್ಲಾ ಕಾರ್ಯಾಲಯದಲ್ಲಿ ಜನ್ಮದಿನಾಚರಣೆ ಕಾರ್ಯಕ್ರಮ ನಡೆಯಿತು. ಬಿಜೆಪಿ ಕಾಸರಗೋಡು ಜಿಲ್ಲಾ ಅಧ್ಯಕ್ಷರು ಕಾರ್ಯಕ್ರಮ ಉದ್ಘಾಟಿಸಿದರು. ಜಿಲ್ಲಾ ಪದಾಧಿಕಾರಿಗಳು ಉಪಸ್ಥಿತರಿದ್ದರು.
ಅಹಲ್ಯಾಬಾಯಿ ಹೋಳ್ಕರ್ ಅವರ 300ನೇ ಜನ್ಮದಿನಾಚರಣೆ ಕಾರ್ಯಕ್ರಮ
ಅಹಲ್ಯಾಬಾಯಿ ಅವರು ತಮ್ಮ ಆಡಳಿತದಲ್ಲಿ ದೇಶದ ಹಲವು ಭಾಗಗಳಲ್ಲಿ ದೇವಾಲಯ, ಘಾಟ್‌ಗಳನ್ನು ನಿರ್ಮಿಸಿದರು. ಅವರ ಆದರ್ಶಯುತ ಗುಣಗಳನ್ನು ಇಂದಿನ ಪೀಳಿಗೆ ಉಳಿಸಿ ಬೆಳೆಸಬೇಕು ಎಂದು ಸಜೀವನ್ ಹೇಳಿದರು. ಕಾರ್ಯಕ್ರಮದಲ್ಲಿ ಮಹಿಳಾ ಮೋರ್ಚಾ ಪದಾಧಿಕಾರಿಗಳು ಭಾಗವಹಿಸಿದ್ದರು. ಹಿರಿಯ ಕಾರ್ಯಕರ್ತರನ್ನು ಸನ್ಮಾನಿಸಲಾಯಿತು. ಸ್ವಾಗತ ಹಾಗೂ ವಂದನಾರ್ಪಣೆ ನಡೆಯಿತು.
ಹಿರಿಯ ಮಹಿಳಾರತ್ನಕ್ಕೆ ಗೌರವ
ಕಾಸರಗೋಡಿನ ಹಿರಿಯ ಮಹಿಳಾರತ್ನ, ಕಾಸರಗೋಡು ನಗರಸಭಾ ಕೌನ್ಸಿಲರ್ ಸವಿತಾ ಟೀಚರ್ ಅವರನ್ನು ಶ್ರೀ ಸಂಜೀವ್ ವಿ.ಬಿ.ಸಜೀವನ್ ಶಾಲು ಹೊದಿಸಿ ಗೌರವಿಸಿದರು.
ಅಹಲ್ಯಾಬಾಯಿ ಅವರು ತಮ್ಮ ಆಡಳಿತದಲ್ಲಿ ದೇಶದ ಹಲವು ಭಾಗಗಳಲ್ಲಿ ದೇವಾಲಯ, ಘಾಟ್‌ಗಳನ್ನು ನಿರ್ಮಿಸಿದರು. ಅವರ ಆದರ್ಶಯುತ ಗುಣಗಳನ್ನು ಇಂದಿನ ಪೀಳಿಗೆ ಉಳಿಸಿ ಬೆಳೆಸಬೇಕು ಎಂದು ಸಜೀವನ್ ಹೇಳಿದರು. ಕಾರ್ಯಕ್ರಮದಲ್ಲಿ ಮಹಿಳಾ ಮೋರ್ಚಾ ಪದಾಧಿಕಾರಿಗಳು ಭಾಗವಹಿಸಿದ್ದರು. ಹಿರಿಯ ಕಾರ್ಯಕರ್ತರನ್ನು ಸನ್ಮಾನಿಸಲಾಯಿತು. ಸ್ವಾಗತ ಹಾಗೂ ವಂದನಾರ್ಪಣೆ ನಡೆಯಿತು.
ಬಿಜೆಪಿ ಜಿಲ್ಲಾಧ್ಯಕ್ಷ ಎಂ.ಎಲ್.ಅಶ್ವಿನಿ ಸಮಾರಂಭದ ಅಧ್ಯಕ್ಷತೆ ವಹಿಸಿದ್ದರು. ರಾಜ್ಯ ಸಮಿತಿ ಸದಸ್ಯರು, ಜಿಲ್ಲಾ ಪ್ರಧಾನ ಕಾರ್ಯದರ್ಶಿಗಳು ಹಾಗೂ ಮಂಡಲ ಪದಾಧಿಕಾರಿಗಳು ಉಪಸ್ಥಿತರಿದ್ದರು. ಜಿಲ್ಲಾ ಕಾರ್ಯದರ್ಶಿ ಸ್ವಾಗತಿಸಿ, ಗೋಪಾಲನ್ ವಂದಿಸಿದರು.
